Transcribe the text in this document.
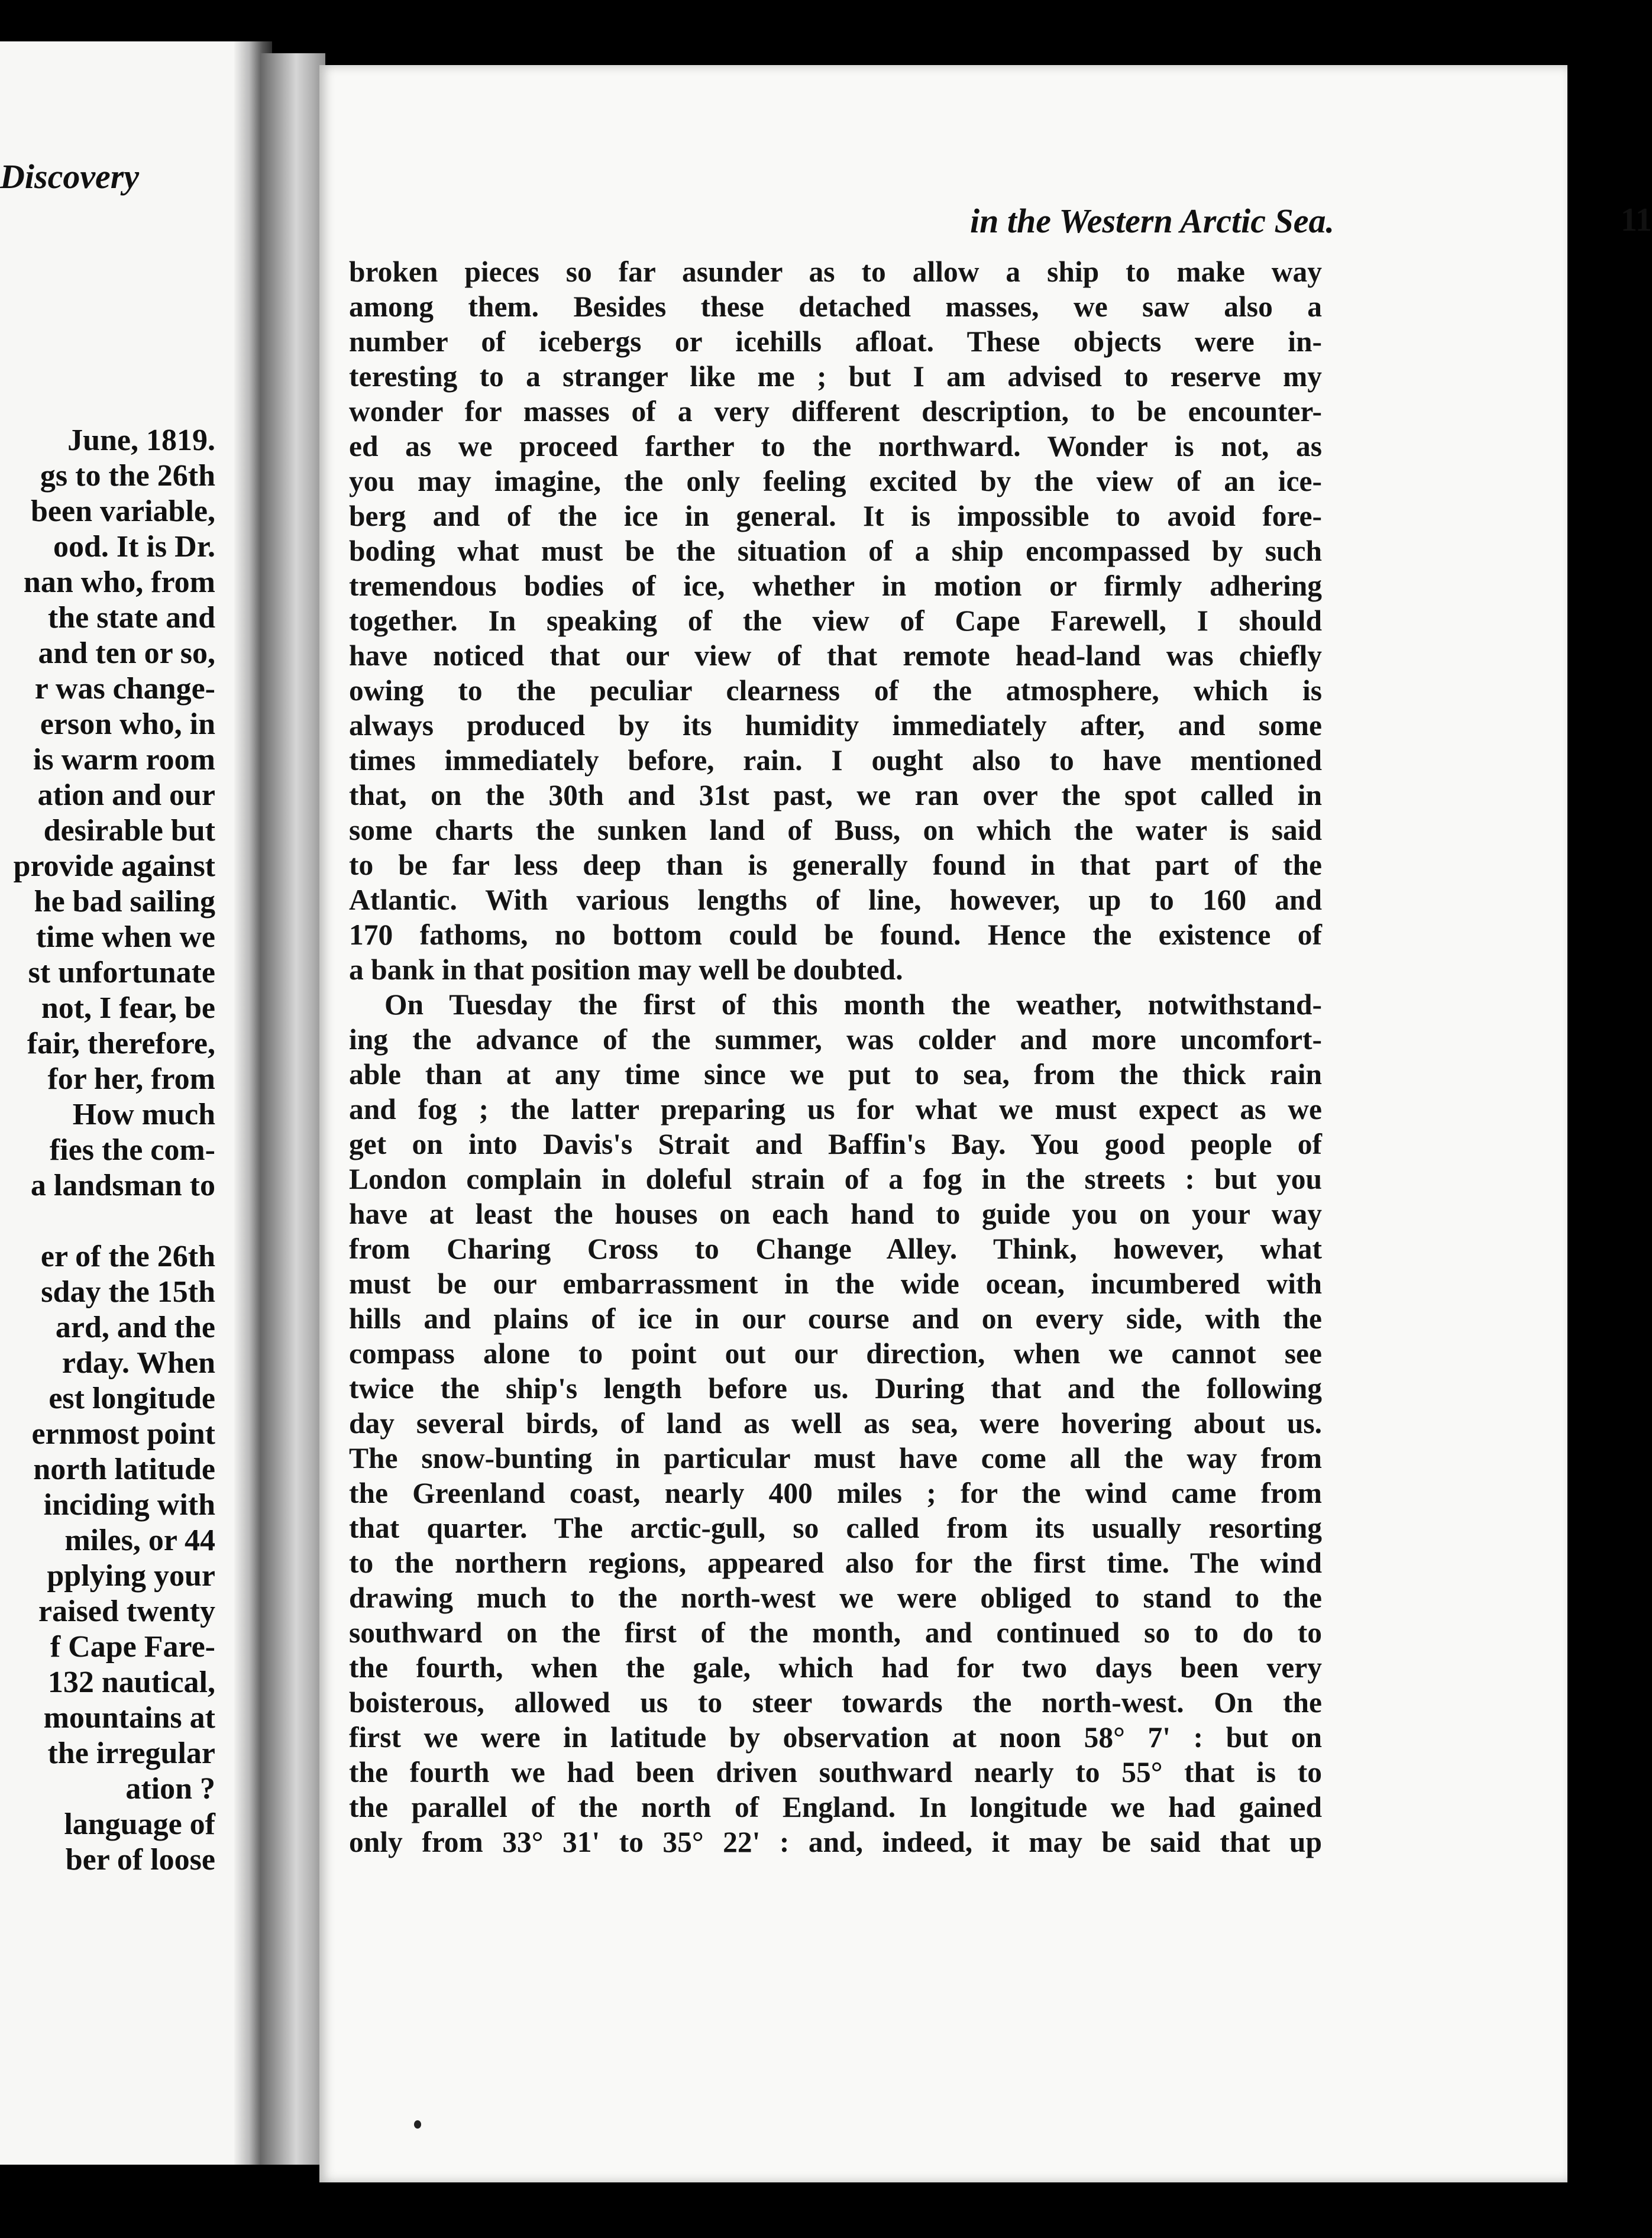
Discovery
June, 1819.
gs to the 26th
been variable,
ood. It is Dr.
nan who, from
the state and
and ten or so,
r was change-
erson who, in
is warm room
ation and our
desirable but
provide against
he bad sailing
time when we
st unfortunate
not, I fear, be
fair, therefore,
for her, from
How much
fies the com-
a landsman to

er of the 26th
sday the 15th
ard, and the
rday. When
est longitude
ernmost point
north latitude
inciding with
miles, or 44
pplying your
raised twenty
f Cape Fare-
132 nautical,
mountains at
the irregular
ation ?
language of
ber of loose
in the Western Arctic Sea.	11
broken pieces so far asunder as to allow a ship to make way
among them. Besides these detached masses, we saw also a
number of icebergs or icehills afloat. These objects were in-
teresting to a stranger like me ; but I am advised to reserve my
wonder for masses of a very different description, to be encounter-
ed as we proceed farther to the northward. Wonder is not, as
you may imagine, the only feeling excited by the view of an ice-
berg and of the ice in general. It is impossible to avoid fore-
boding what must be the situation of a ship encompassed by such
tremendous bodies of ice, whether in motion or firmly adhering
together. In speaking of the view of Cape Farewell, I should
have noticed that our view of that remote head-land was chiefly
owing to the peculiar clearness of the atmosphere, which is
always produced by its humidity immediately after, and some
times immediately before, rain. I ought also to have mentioned
that, on the 30th and 31st past, we ran over the spot called in
some charts the sunken land of Buss, on which the water is said
to be far less deep than is generally found in that part of the
Atlantic. With various lengths of line, however, up to 160 and
170 fathoms, no bottom could be found. Hence the existence of
a bank in that position may well be doubted.
On Tuesday the first of this month the weather, notwithstand-
ing the advance of the summer, was colder and more uncomfort-
able than at any time since we put to sea, from the thick rain
and fog ; the latter preparing us for what we must expect as we
get on into Davis's Strait and Baffin's Bay. You good people of
London complain in doleful strain of a fog in the streets : but you
have at least the houses on each hand to guide you on your way
from Charing Cross to Change Alley. Think, however, what
must be our embarrassment in the wide ocean, incumbered with
hills and plains of ice in our course and on every side, with the
compass alone to point out our direction, when we cannot see
twice the ship's length before us. During that and the following
day several birds, of land as well as sea, were hovering about us.
The snow-bunting in particular must have come all the way from
the Greenland coast, nearly 400 miles ; for the wind came from
that quarter. The arctic-gull, so called from its usually resorting
to the northern regions, appeared also for the first time. The wind
drawing much to the north-west we were obliged to stand to the
southward on the first of the month, and continued so to do to
the fourth, when the gale, which had for two days been very
boisterous, allowed us to steer towards the north-west. On the
first we were in latitude by observation at noon 58° 7' : but on
the fourth we had been driven southward nearly to 55° that is to
the parallel of the north of England. In longitude we had gained
only from 33° 31' to 35° 22' : and, indeed, it may be said that up
